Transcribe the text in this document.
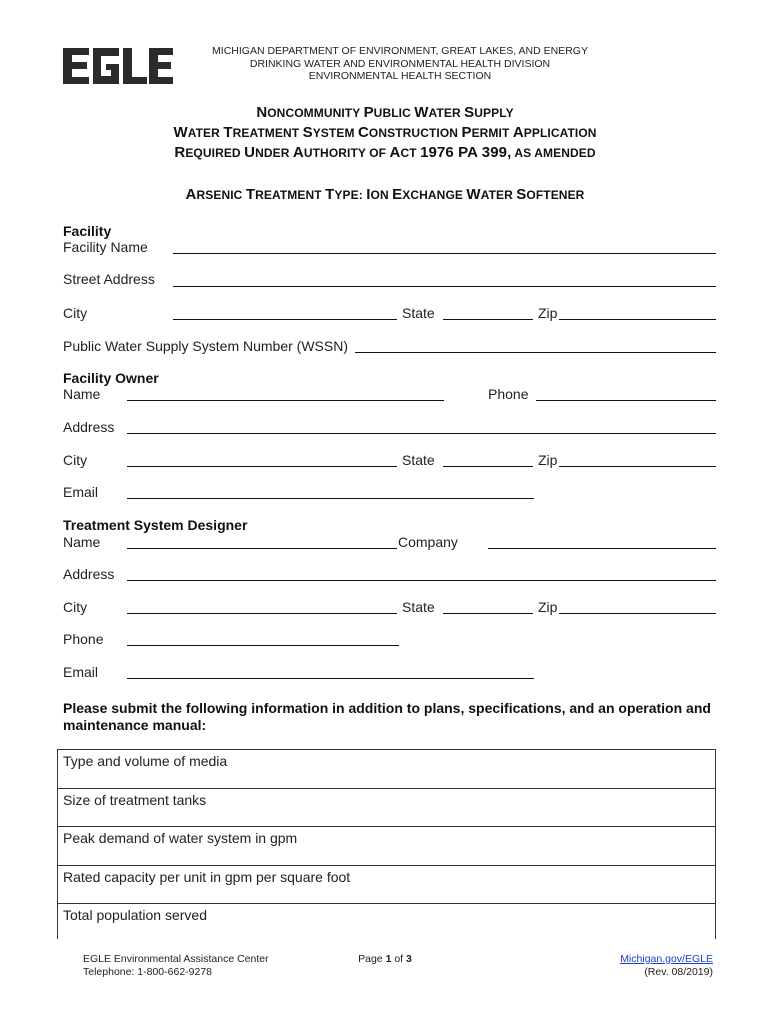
MICHIGAN DEPARTMENT OF ENVIRONMENT, GREAT LAKES, AND ENERGY
DRINKING WATER AND ENVIRONMENTAL HEALTH DIVISION
ENVIRONMENTAL HEALTH SECTION
NONCOMMUNITY PUBLIC WATER SUPPLY
WATER TREATMENT SYSTEM CONSTRUCTION PERMIT APPLICATION
REQUIRED UNDER AUTHORITY OF ACT 1976 PA 399, AS AMENDED
ARSENIC TREATMENT TYPE: ION EXCHANGE WATER SOFTENER
Facility
Facility Name
Street Address
City	State	Zip
Public Water Supply System Number (WSSN)
Facility Owner
Name	Phone
Address
City	State	Zip
Email
Treatment System Designer
Name	Company
Address
City	State	Zip
Phone
Email
Please submit the following information in addition to plans, specifications, and an operation and maintenance manual:
Type and volume of media
Size of treatment tanks
Peak demand of water system in gpm
Rated capacity per unit in gpm per square foot
Total population served
EGLE Environmental Assistance Center
Telephone: 1-800-662-9278
Page 1 of 3	Michigan.gov/EGLE
(Rev. 08/2019)
